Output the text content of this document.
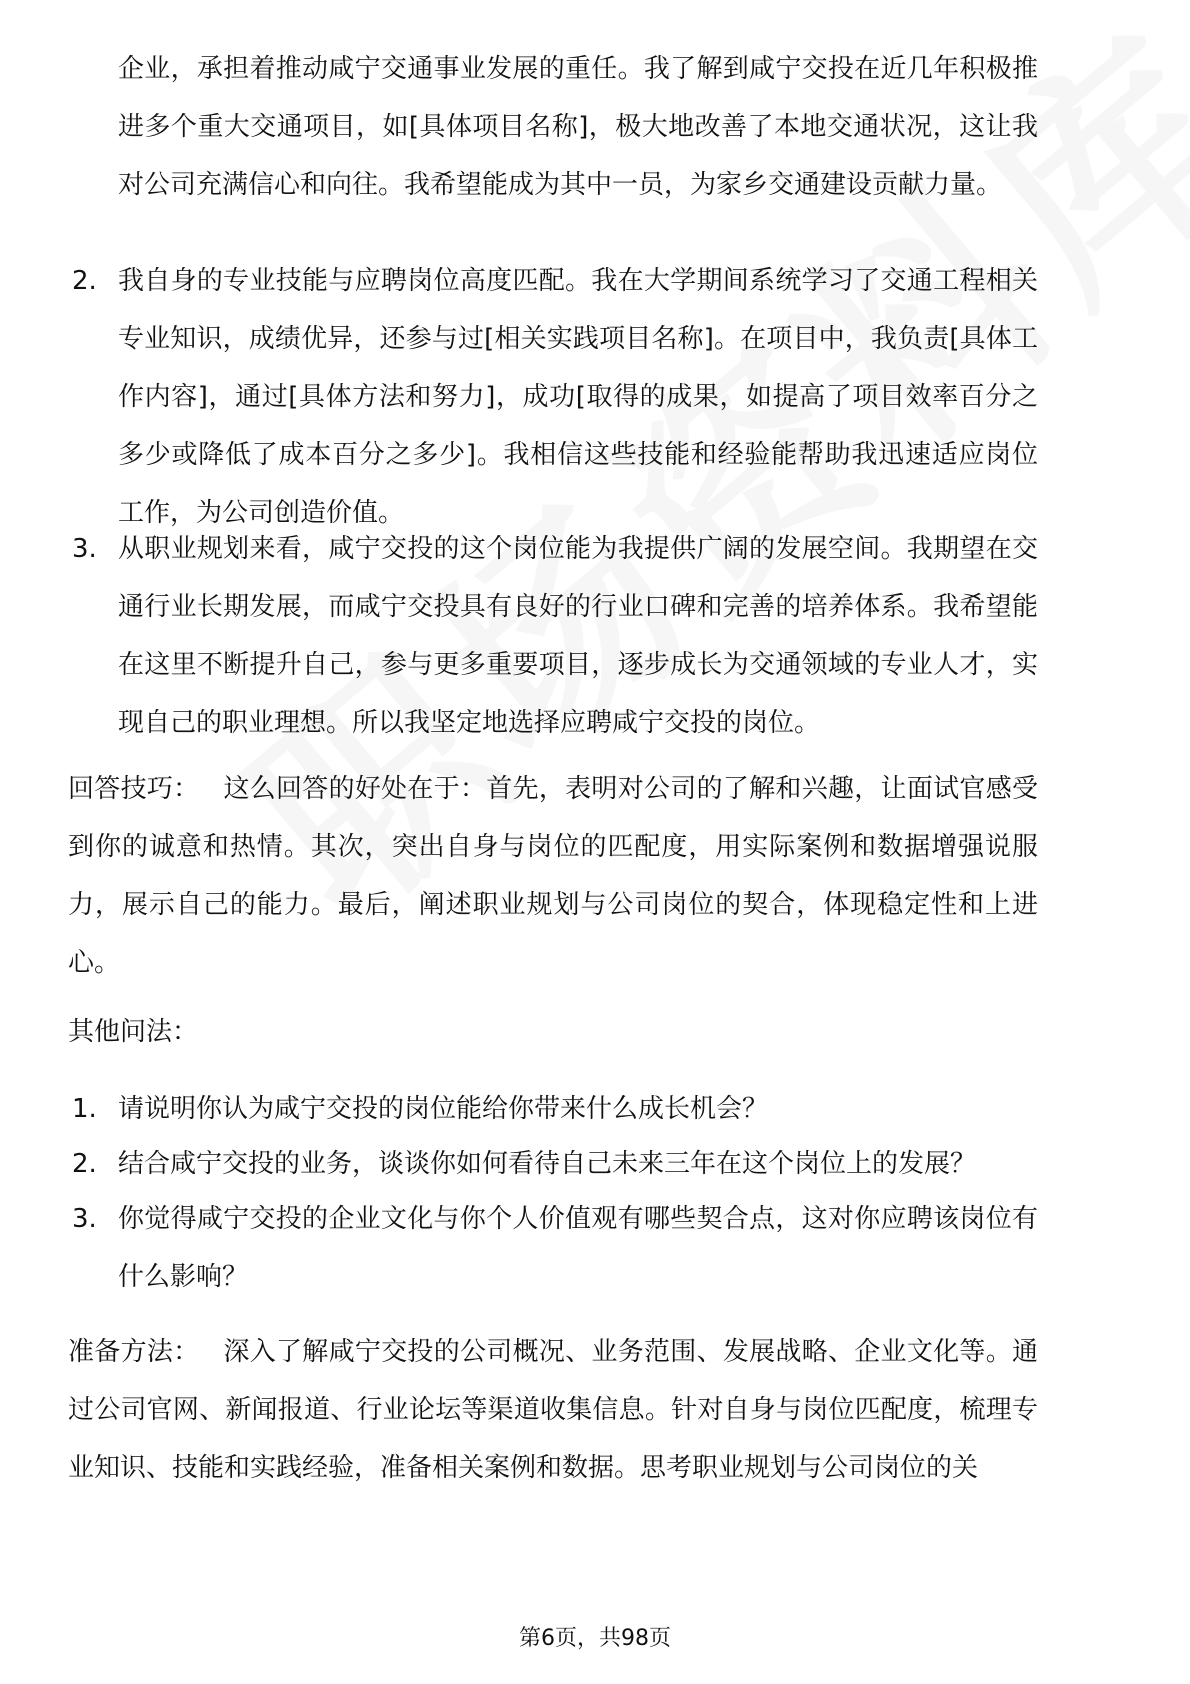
企业，承担着推动咸宁交通事业发展的重任。我了解到咸宁交投在近几年积极推进多个重大交通项目，如[具体项目名称]，极大地改善了本地交通状况，这让我对公司充满信心和向往。我希望能成为其中一员，为家乡交通建设贡献力量。
2. 我自身的专业技能与应聘岗位高度匹配。我在大学期间系统学习了交通工程相关专业知识，成绩优异，还参与过[相关实践项目名称]。在项目中，我负责[具体工作内容]，通过[具体方法和努力]，成功[取得的成果，如提高了项目效率百分之多少或降低了成本百分之多少]。我相信这些技能和经验能帮助我迅速适应岗位工作，为公司创造价值。
3. 从职业规划来看，咸宁交投的这个岗位能为我提供广阔的发展空间。我期望在交通行业长期发展，而咸宁交投具有良好的行业口碑和完善的培养体系。我希望能在这里不断提升自己，参与更多重要项目，逐步成长为交通领域的专业人才，实现自己的职业理想。所以我坚定地选择应聘咸宁交投的岗位。
回答技巧： 这么回答的好处在于：首先，表明对公司的了解和兴趣，让面试官感受到你的诚意和热情。其次，突出自身与岗位的匹配度，用实际案例和数据增强说服力，展示自己的能力。最后，阐述职业规划与公司岗位的契合，体现稳定性和上进心。
其他问法：
1. 请说明你认为咸宁交投的岗位能给你带来什么成长机会？
2. 结合咸宁交投的业务，谈谈你如何看待自己未来三年在这个岗位上的发展？
3. 你觉得咸宁交投的企业文化与你个人价值观有哪些契合点，这对你应聘该岗位有什么影响？
准备方法： 深入了解咸宁交投的公司概况、业务范围、发展战略、企业文化等。通过公司官网、新闻报道、行业论坛等渠道收集信息。针对自身与岗位匹配度，梳理专业知识、技能和实践经验，准备相关案例和数据。思考职业规划与公司岗位的关
第6页，共98页
